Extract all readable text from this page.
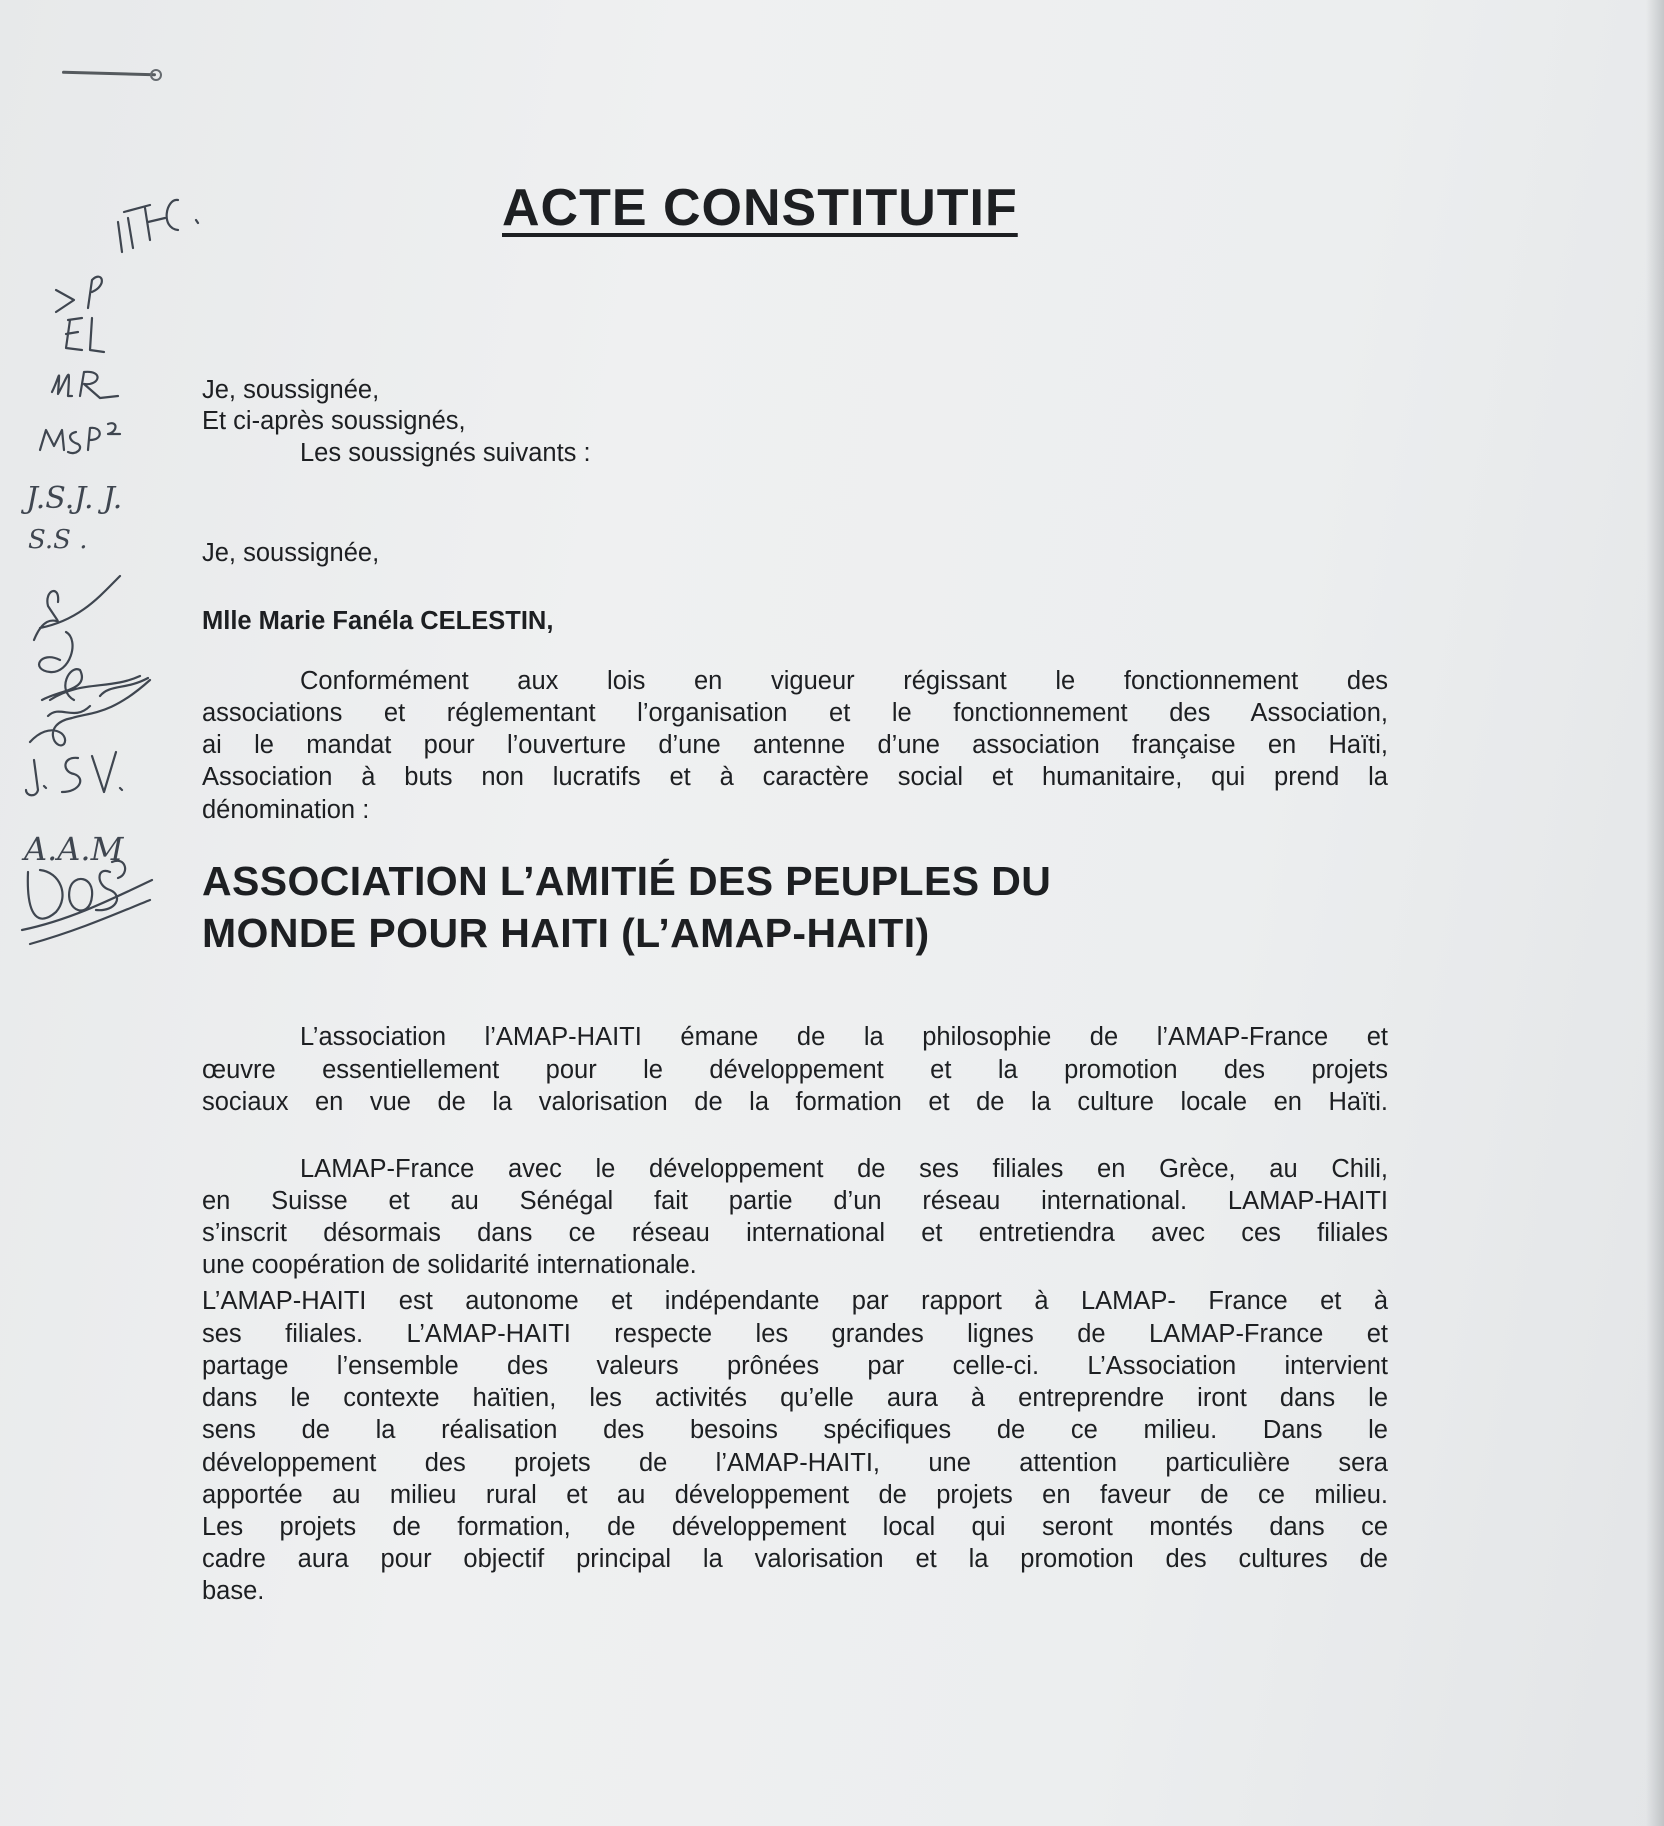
J.S.J. J.
S.S .
A.A.M
ACTE CONSTITUTIF
Je, soussignée,
Et ci-après soussignés,
Les soussignés suivants :
Je, soussignée,
Mlle Marie Fanéla CELESTIN,
Conformément aux lois en vigueur régissant le fonctionnement des
associations et réglementant l’organisation et le fonctionnement des Association,
ai le mandat pour l’ouverture d’une antenne d’une association française en Haïti,
Association à buts non lucratifs et à caractère social et humanitaire, qui prend la
dénomination :
ASSOCIATION L’AMITIÉ DES PEUPLES DU
MONDE POUR HAITI (L’AMAP-HAITI)
L’association l’AMAP-HAITI émane de la philosophie de l’AMAP-France et
œuvre essentiellement pour le développement et la promotion des projets
sociaux en vue de la valorisation de la formation et de la culture locale en Haïti.
LAMAP-France avec le développement de ses filiales en Grèce, au Chili,
en Suisse et au Sénégal fait partie d’un réseau international. LAMAP-HAITI
s’inscrit désormais dans ce réseau international et entretiendra avec ces filiales
une coopération de solidarité internationale.
L’AMAP-HAITI est autonome et indépendante par rapport à LAMAP- France et à
ses filiales. L’AMAP-HAITI respecte les grandes lignes de LAMAP-France et
partage l’ensemble des valeurs prônées par celle-ci. L’Association intervient
dans le contexte haïtien, les activités qu’elle aura à entreprendre iront dans le
sens de la réalisation des besoins spécifiques de ce milieu. Dans le
développement des projets de l’AMAP-HAITI, une attention particulière sera
apportée au milieu rural et au développement de projets en faveur de ce milieu.
Les projets de formation, de développement local qui seront montés dans ce
cadre aura pour objectif principal la valorisation et la promotion des cultures de
base.
